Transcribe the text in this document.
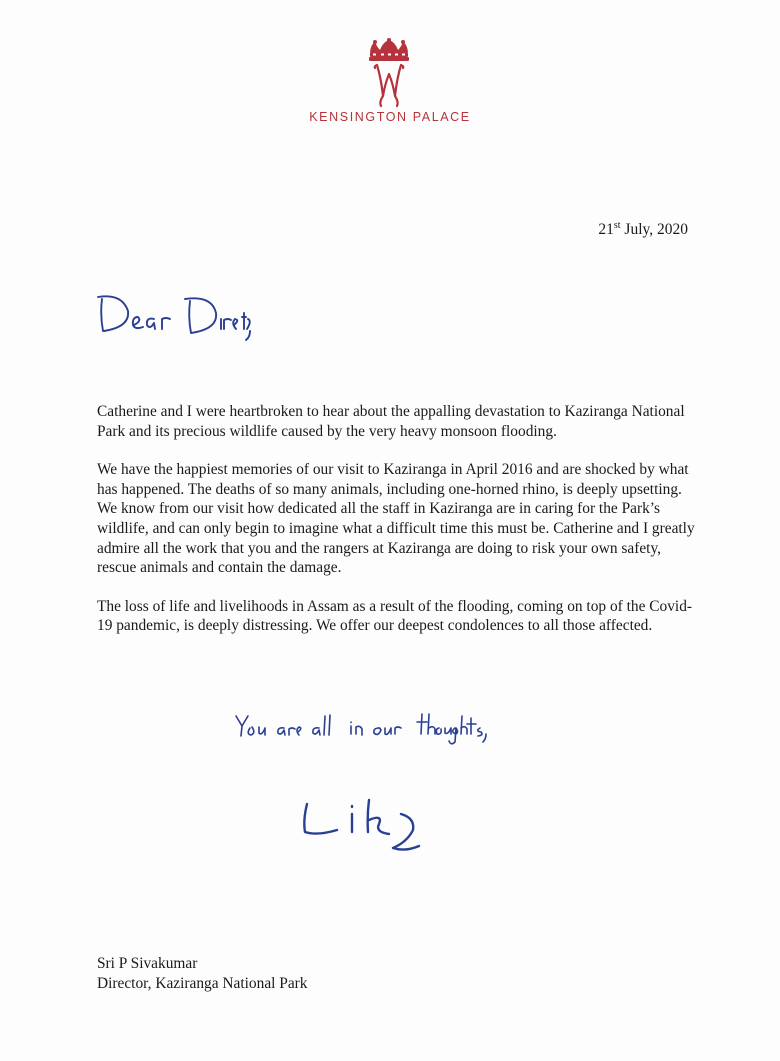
KENSINGTON PALACE
21st July, 2020

Catherine and I were heartbroken to hear about the appalling devastation to Kaziranga National Park and its precious wildlife caused by the very heavy monsoon flooding.

We have the happiest memories of our visit to Kaziranga in April 2016 and are shocked by what has happened. The deaths of so many animals, including one-horned rhino, is deeply upsetting. We know from our visit how dedicated all the staff in Kaziranga are in caring for the Park’s wildlife, and can only begin to imagine what a difficult time this must be. Catherine and I greatly admire all the work that you and the rangers at Kaziranga are doing to risk your own safety, rescue animals and contain the damage.

The loss of life and livelihoods in Assam as a result of the flooding, coming on top of the Covid-19 pandemic, is deeply distressing. We offer our deepest condolences to all those affected.

Sri P Sivakumar
Director, Kaziranga National Park
